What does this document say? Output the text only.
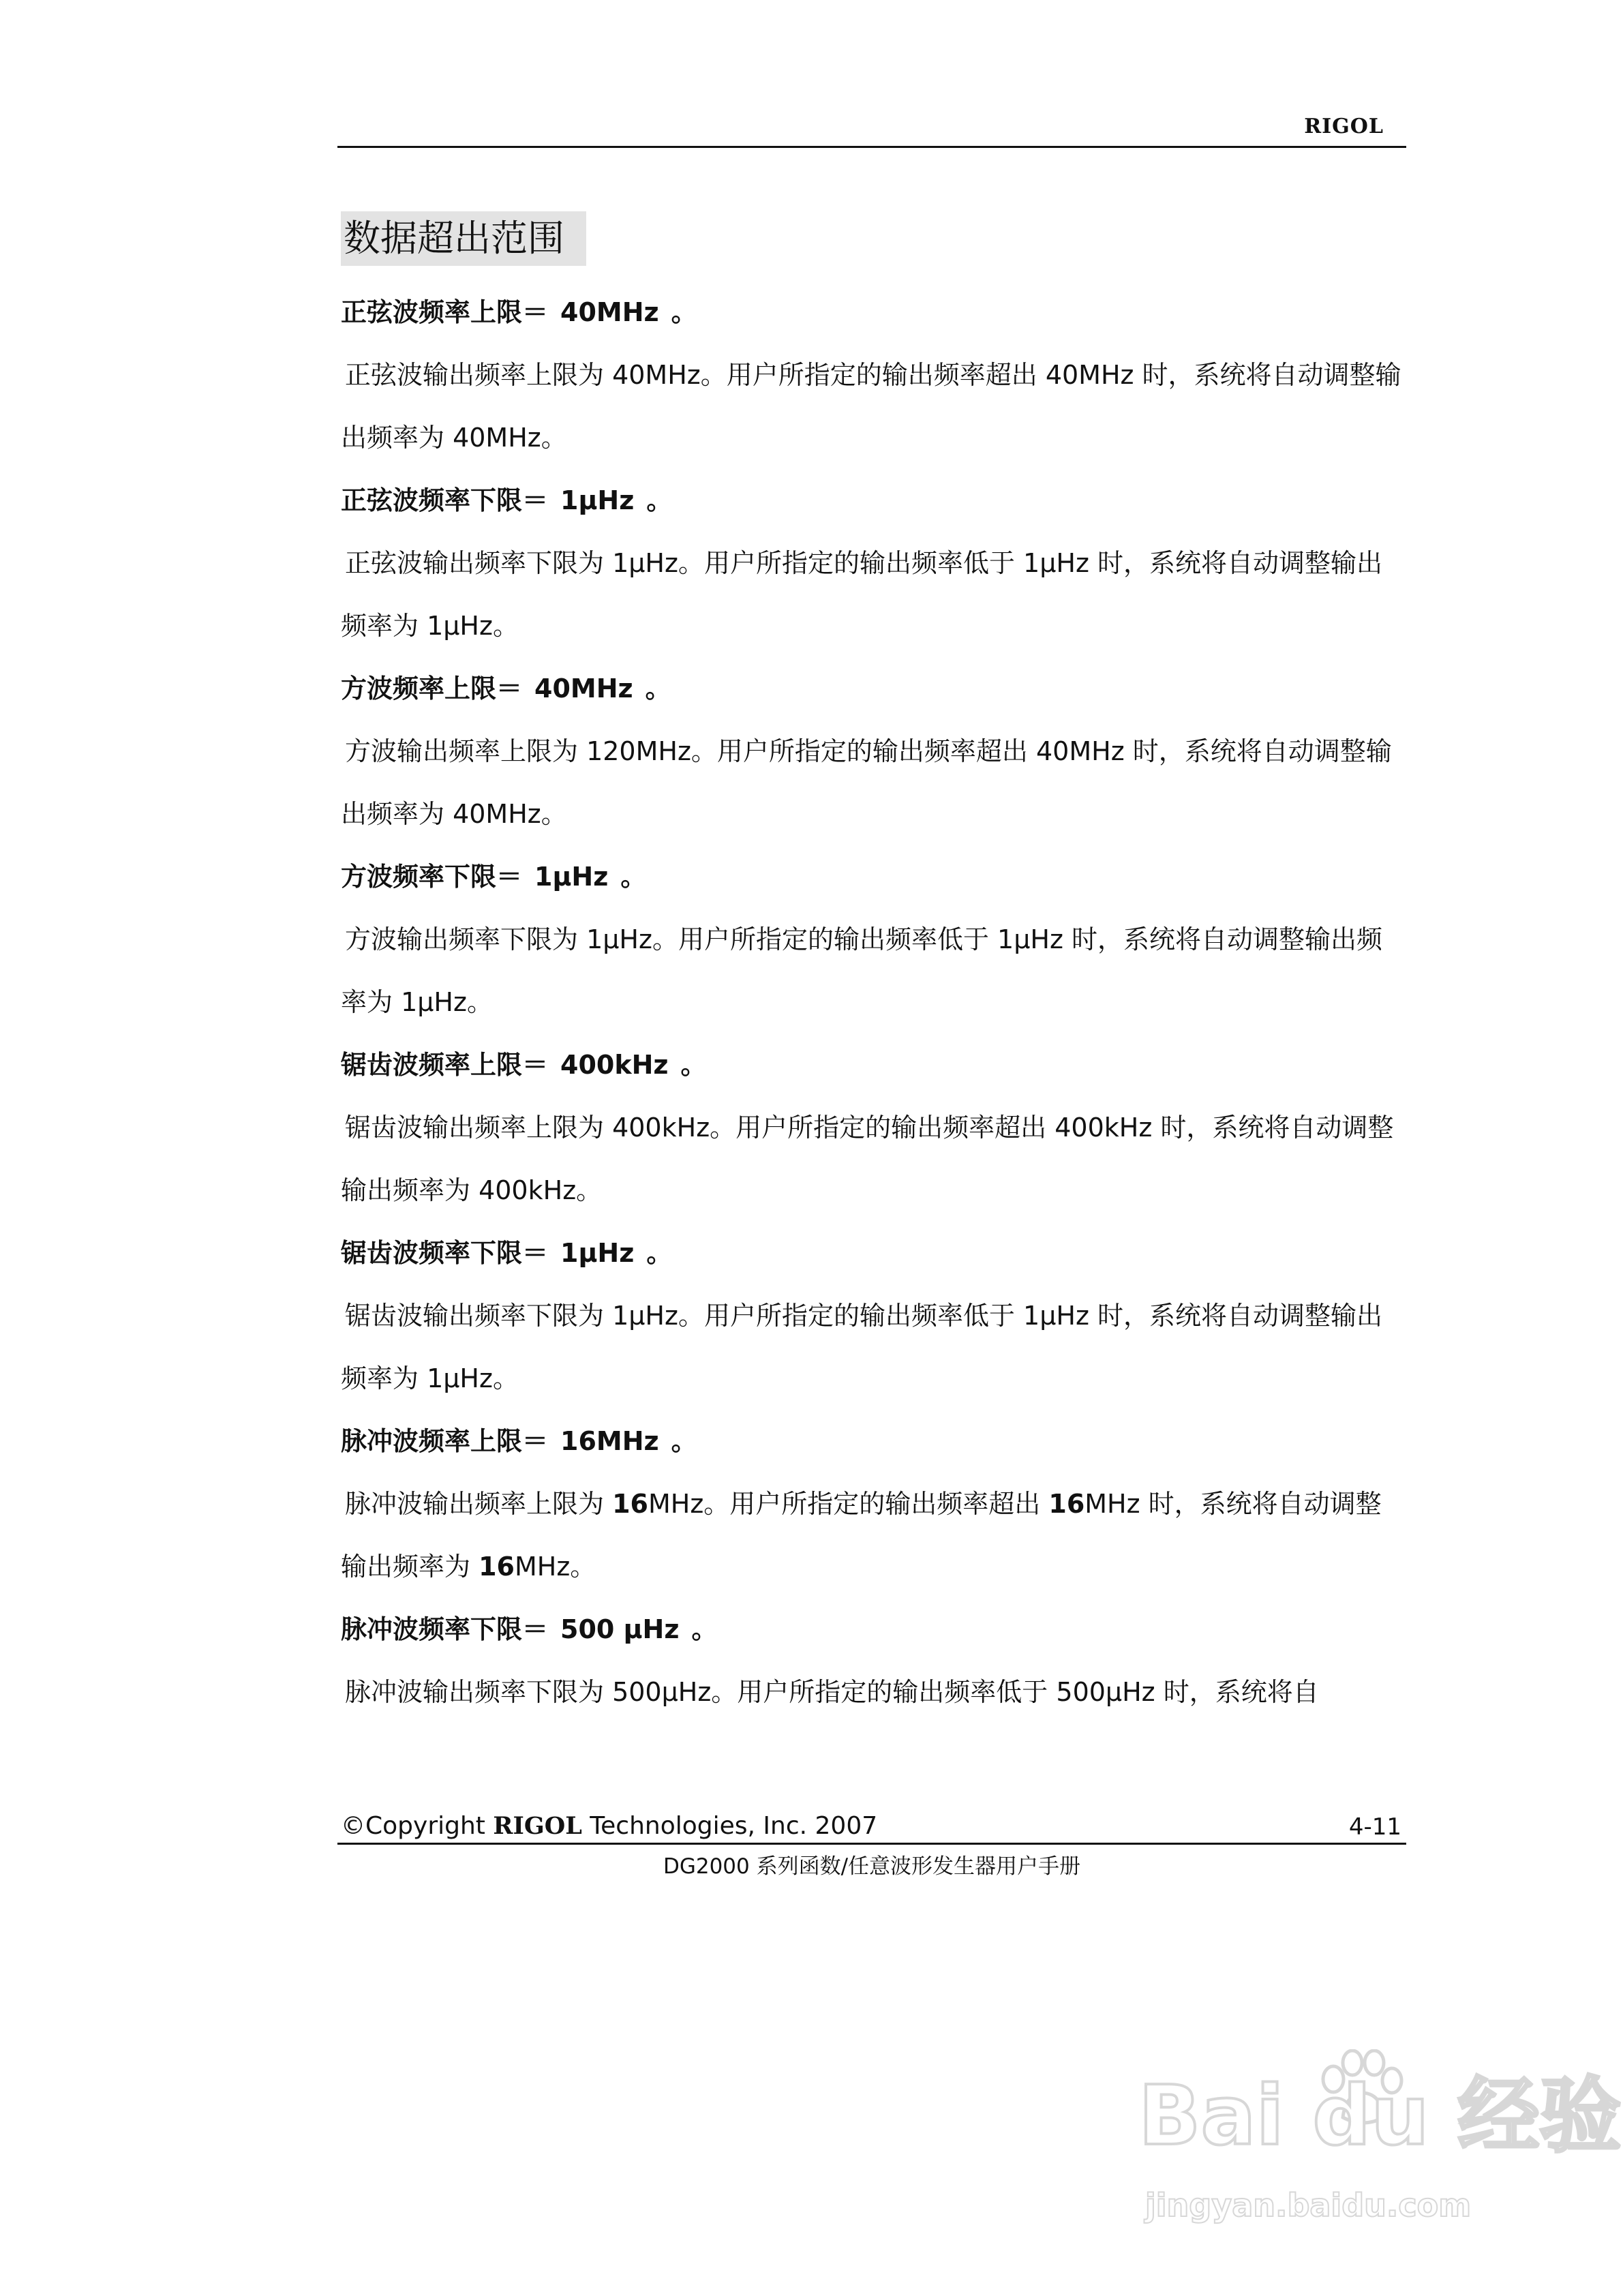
RIGOL
数据超出范围
正弦波频率上限＝ 40MHz 。
正弦波输出频率上限为 40MHz。用户所指定的输出频率超出 40MHz 时，系统将自动调整输出频率为 40MHz。
正弦波频率下限＝ 1μHz 。
正弦波输出频率下限为 1μHz。用户所指定的输出频率低于 1μHz 时，系统将自动调整输出频率为 1μHz。
方波频率上限＝ 40MHz 。
方波输出频率上限为 120MHz。用户所指定的输出频率超出 40MHz 时，系统将自动调整输出频率为 40MHz。
方波频率下限＝ 1μHz 。
方波输出频率下限为 1μHz。用户所指定的输出频率低于 1μHz 时，系统将自动调整输出频率为 1μHz。
锯齿波频率上限＝ 400kHz 。
锯齿波输出频率上限为 400kHz。用户所指定的输出频率超出 400kHz 时，系统将自动调整输出频率为 400kHz。
锯齿波频率下限＝ 1μHz 。
锯齿波输出频率下限为 1μHz。用户所指定的输出频率低于 1μHz 时，系统将自动调整输出频率为 1μHz。
脉冲波频率上限＝ 16MHz 。
脉冲波输出频率上限为 16MHz。用户所指定的输出频率超出 16MHz 时，系统将自动调整输出频率为 16MHz。
脉冲波频率下限＝ 500 μHz 。
脉冲波输出频率下限为 500μHz。用户所指定的输出频率低于 500μHz 时，系统将自
©Copyright RIGOL Technologies, Inc. 2007	4-11
DG2000 系列函数/任意波形发生器用户手册
Bai du 经验
jingyan.baidu.com
